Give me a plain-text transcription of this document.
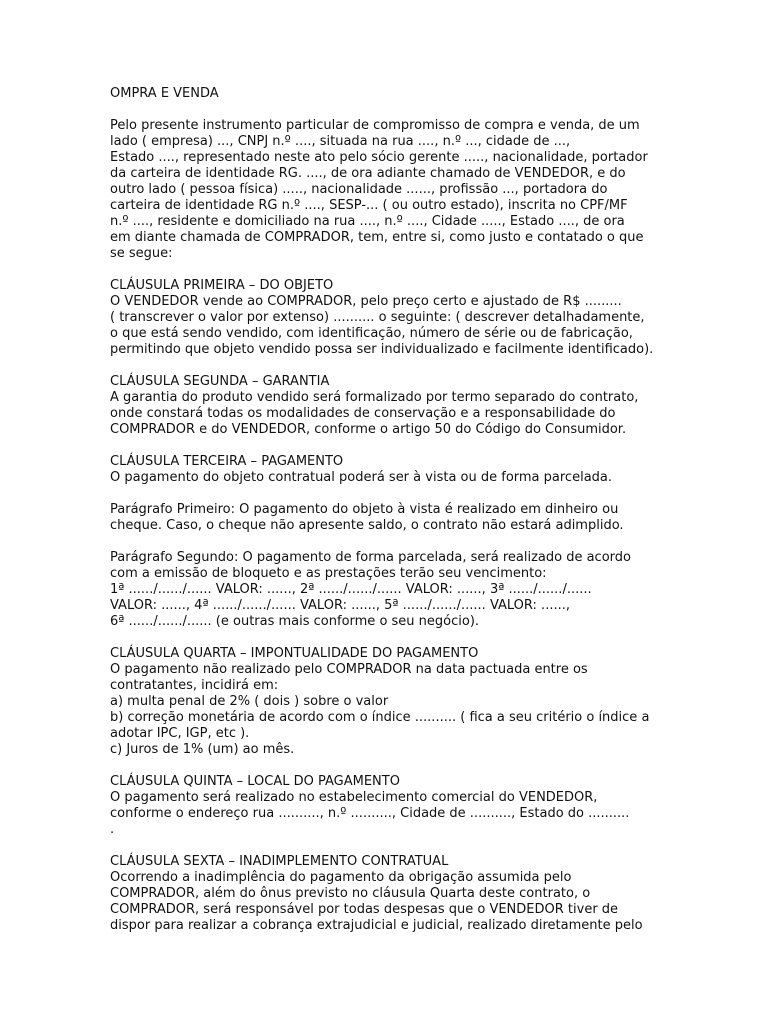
OMPRA E VENDA
Pelo presente instrumento particular de compromisso de compra e venda, de um
lado ( empresa) ..., CNPJ n.º ...., situada na rua ...., n.º ..., cidade de ...,
Estado ...., representado neste ato pelo sócio gerente ....., nacionalidade, portador
da carteira de identidade RG. ...., de ora adiante chamado de VENDEDOR, e do
outro lado ( pessoa física) ....., nacionalidade ......, profissão ..., portadora do
carteira de identidade RG n.º ...., SESP-... ( ou outro estado), inscrita no CPF/MF
n.º ...., residente e domiciliado na rua ...., n.º ...., Cidade ....., Estado ...., de ora
em diante chamada de COMPRADOR, tem, entre si, como justo e contatado o que
se segue:
CLÁUSULA PRIMEIRA – DO OBJETO
O VENDEDOR vende ao COMPRADOR, pelo preço certo e ajustado de R$ .........
( transcrever o valor por extenso) .......... o seguinte: ( descrever detalhadamente,
o que está sendo vendido, com identificação, número de série ou de fabricação,
permitindo que objeto vendido possa ser individualizado e facilmente identificado).
CLÁUSULA SEGUNDA – GARANTIA
A garantia do produto vendido será formalizado por termo separado do contrato,
onde constará todas os modalidades de conservação e a responsabilidade do
COMPRADOR e do VENDEDOR, conforme o artigo 50 do Código do Consumidor.
CLÁUSULA TERCEIRA – PAGAMENTO
O pagamento do objeto contratual poderá ser à vista ou de forma parcelada.
Parágrafo Primeiro: O pagamento do objeto à vista é realizado em dinheiro ou
cheque. Caso, o cheque não apresente saldo, o contrato não estará adimplido.
Parágrafo Segundo: O pagamento de forma parcelada, será realizado de acordo
com a emissão de bloqueto e as prestações terão seu vencimento:
1ª ....../....../...... VALOR: ......, 2ª ....../....../...... VALOR: ......, 3ª ....../....../......
VALOR: ......, 4ª ....../....../...... VALOR: ......, 5ª ....../....../...... VALOR: ......,
6ª ....../....../...... (e outras mais conforme o seu negócio).
CLÁUSULA QUARTA – IMPONTUALIDADE DO PAGAMENTO
O pagamento não realizado pelo COMPRADOR na data pactuada entre os
contratantes, incidirá em:
a) multa penal de 2% ( dois ) sobre o valor
b) correção monetária de acordo com o índice .......... ( fica a seu critério o índice a
adotar IPC, IGP, etc ).
c) Juros de 1% (um) ao mês.
CLÁUSULA QUINTA – LOCAL DO PAGAMENTO
O pagamento será realizado no estabelecimento comercial do VENDEDOR,
conforme o endereço rua .........., n.º .........., Cidade de .........., Estado do ..........
.
CLÁUSULA SEXTA – INADIMPLEMENTO CONTRATUAL
Ocorrendo a inadimplência do pagamento da obrigação assumida pelo
COMPRADOR, além do ônus previsto no cláusula Quarta deste contrato, o
COMPRADOR, será responsável por todas despesas que o VENDEDOR tiver de
dispor para realizar a cobrança extrajudicial e judicial, realizado diretamente pelo
